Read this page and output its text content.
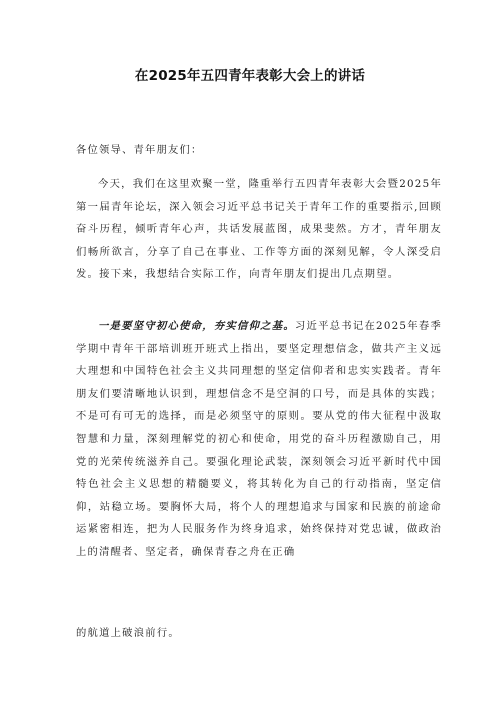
在2025年五四青年表彰大会上的讲话
各位领导、青年朋友们：

今天，我们在这里欢聚一堂，隆重举行五四青年表彰大会暨2025年第一届青年论坛，深入领会习近平总书记关于青年工作的重要指示,回顾奋斗历程，倾听青年心声，共话发展蓝图，成果斐然。方才，青年朋友们畅所欲言，分享了自己在事业、工作等方面的深刻见解，令人深受启发。接下来，我想结合实际工作，向青年朋友们提出几点期望。

一是要坚守初心使命，夯实信仰之基。习近平总书记在2025年春季学期中青年干部培训班开班式上指出，要坚定理想信念，做共产主义远大理想和中国特色社会主义共同理想的坚定信仰者和忠实实践者。青年朋友们要清晰地认识到，理想信念不是空洞的口号，而是具体的实践；不是可有可无的选择，而是必须坚守的原则。要从党的伟大征程中汲取智慧和力量，深刻理解党的初心和使命，用党的奋斗历程激励自己，用党的光荣传统滋养自己。要强化理论武装，深刻领会习近平新时代中国特色社会主义思想的精髓要义，将其转化为自己的行动指南，坚定信仰，站稳立场。要胸怀大局，将个人的理想追求与国家和民族的前途命运紧密相连，把为人民服务作为终身追求，始终保持对党忠诚，做政治上的清醒者、坚定者，确保青春之舟在正确

的航道上破浪前行。
